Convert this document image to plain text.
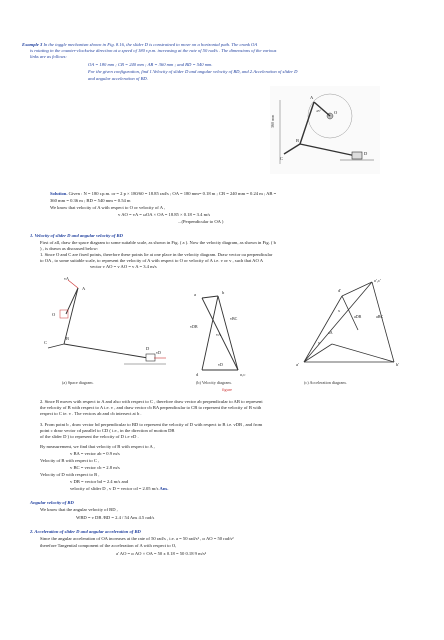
Example 3 In the toggle mechanism shown in Fig. 8.16, the slider D is constrained to move on a horizontal path. The crank OA
is rotating in the counter-clockwise direction at a speed of 180 r.p.m. increasing at the rate of 50 rad/s . The dimensions of the various
links are as follows:
OA = 180 mm ; CB = 240 mm ; AB = 360 mm ; and BD = 540 mm.
For the given configuration, find 1.Velocity of slider D and angular velocity of BD, and 2.Acceleration of slider D
and angular acceleration of BD.
360 mm
A
O
B
D
C
45°
Solution. Given : N = 180 r.p.m. or = 2 p × 180/60 = 18.85 rad/s ; OA = 180 mm= 0.18 m ; CB = 240 mm = 0.24 m ; AB =
360 mm = 0.36 m ; BD = 540 mm = 0.54 m
We know that velocity of A with respect to O or velocity of A ,
v AO = vA = ωOA × OA = 18.85 × 0.18 = 3.4 m/s
...(Perpendicular to OA )
1. Velocity of slider D and angular velocity of BD
First of all, draw the space diagram to some suitable scale, as shown in Fig. ( a ). Now the velocity diagram, as shown in Fig. ( b
) , is drawn as discussed below:
1. Since O and C are fixed points, therefore these points lie at one place in the velocity diagram. Draw vector oa perpendicular
to OA , to some suitable scale, to represent the velocity of A with respect to O or velocity of A i.e. v or v , such that AO A
vector v AO = v AO = v A = 3.4 m/s
vA
A
O
B
C
D
vD
a	b
vDB
vBC
vA
vD
d	o,c
d'
o',c'
aDB	aBC
aA
b'
a'
x
y
(a) Space diagram.	(b) Velocity diagram.	(c) Acceleration diagram.
figure
2. Since B moves with respect to A and also with respect to C , therefore draw vector ab perpendicular to AB to represent
the velocity of B with respect to A i.e. v , and draw vector cb BA perpendicular to CB to represent the velocity of B with
respect to C ie. v . The vectors ab and cb intersect at b .
3. From point b , draw vector bd perpendicular to BD to represent the velocity of D with respect to B i.e. vDB , and from
point c draw vector cd parallel to CD ( i.e., in the direction of motion DB
of the slider D ) to represent the velocity of D i.e vD .
By measurement, we find that velocity of B with respect to A ,
v BA = vector ab = 0.9 m/s
Velocity of B with respect to C ,
v BC = vector cb = 2.8 m/s
Velocity of D with respect to B ,
v DB = vector bd = 2.4 m/s and
velocity of slider D , v D = vector cd = 2.05 m/s Ans.
Angular velocity of BD
We know that the angular velocity of BD ,
WBD = v DB /BD = 2.4 / 54 Ans 4.5 rad/s
2. Acceleration of slider D and angular acceleration of BD
Since the angular acceleration of OA increases at the rate of 50 rad/s , i.e. a = 50 rad/s² , α AO = 50 rad/s²
therefore Tangential component of the acceleration of A with respect to O,
a' AO = α AO × OA = 50 x 0.18 = 50 0.18 9 m/s²
